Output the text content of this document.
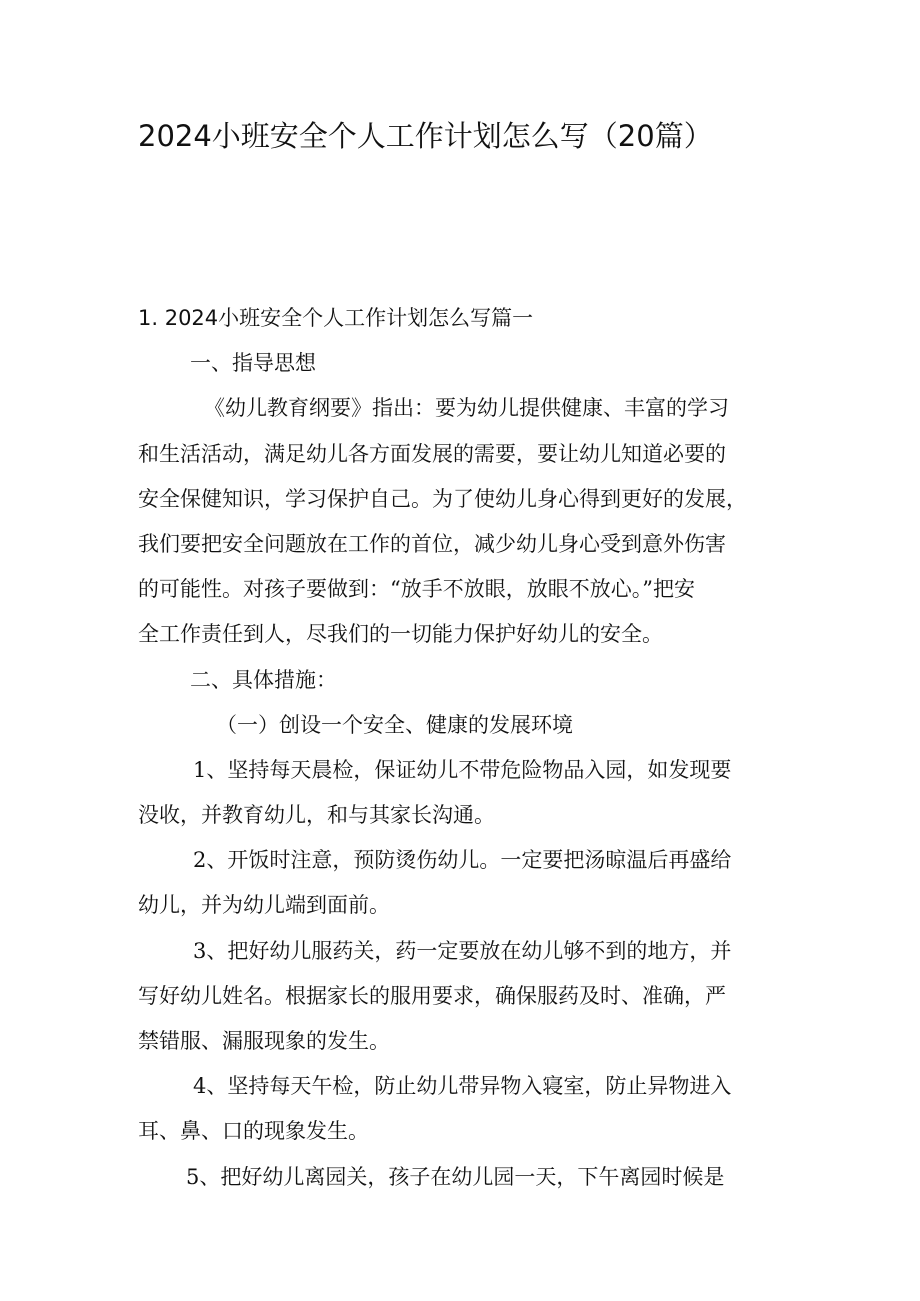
2024小班安全个人工作计划怎么写（20篇）

1. 2024小班安全个人工作计划怎么写篇一

一、指导思想

《幼儿教育纲要》指出：要为幼儿提供健康、丰富的学习

和生活活动，满足幼儿各方面发展的需要，要让幼儿知道必要的

安全保健知识，学习保护自己。为了使幼儿身心得到更好的发展，

我们要把安全问题放在工作的首位，减少幼儿身心受到意外伤害

的可能性。对孩子要做到：“放手不放眼，放眼不放心。”把安

全工作责任到人，尽我们的一切能力保护好幼儿的安全。

二、具体措施：

（一）创设一个安全、健康的发展环境

1、坚持每天晨检，保证幼儿不带危险物品入园，如发现要

没收，并教育幼儿，和与其家长沟通。

2、开饭时注意，预防烫伤幼儿。一定要把汤晾温后再盛给

幼儿，并为幼儿端到面前。

3、把好幼儿服药关，药一定要放在幼儿够不到的地方，并

写好幼儿姓名。根据家长的服用要求，确保服药及时、准确，严

禁错服、漏服现象的发生。

4、坚持每天午检，防止幼儿带异物入寝室，防止异物进入

耳、鼻、口的现象发生。

5、把好幼儿离园关，孩子在幼儿园一天，下午离园时候是
